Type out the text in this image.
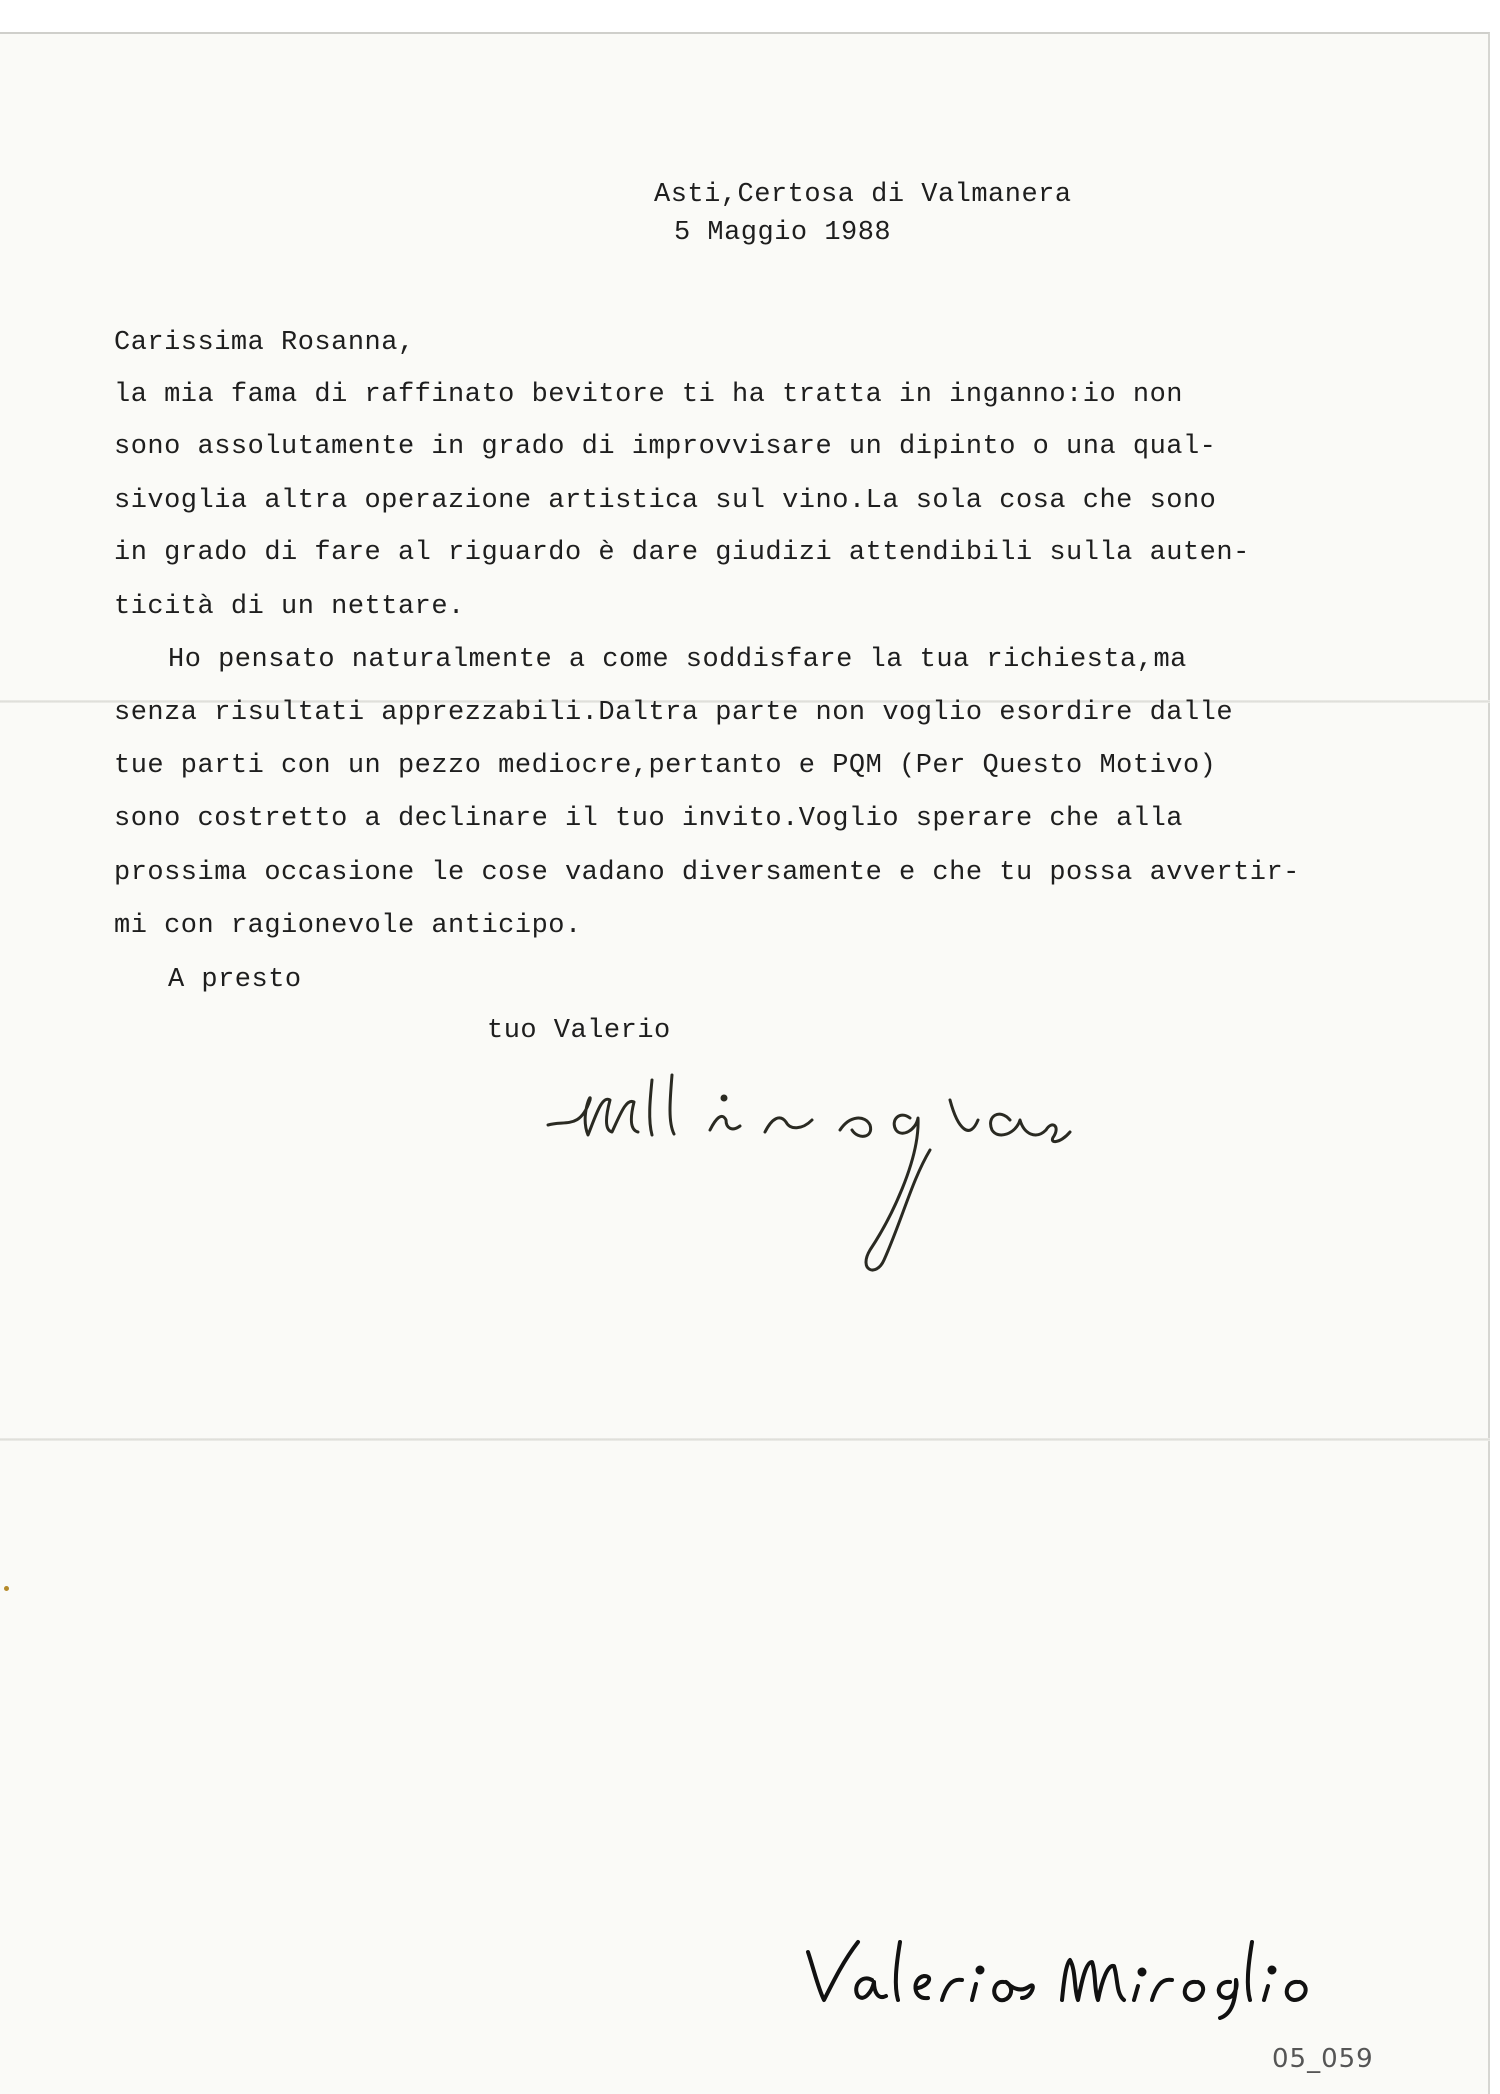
Asti,Certosa di Valmanera
5 Maggio 1988
Carissima Rosanna,
la mia fama di raffinato bevitore ti ha tratta in inganno:io non
sono assolutamente in grado di improvvisare un dipinto o una qual-
sivoglia altra operazione artistica sul vino.La sola cosa che sono
in grado di fare al riguardo è dare giudizi attendibili sulla auten-
ticità di un nettare.
Ho pensato naturalmente a come soddisfare la tua richiesta,ma
senza risultati apprezzabili.Daltra parte non voglio esordire dalle
tue parti con un pezzo mediocre,pertanto e PQM (Per Questo Motivo)
sono costretto a declinare il tuo invito.Voglio sperare che alla
prossima occasione le cose vadano diversamente e che tu possa avvertir-
mi con ragionevole anticipo.
A presto
tuo Valerio
05_059
